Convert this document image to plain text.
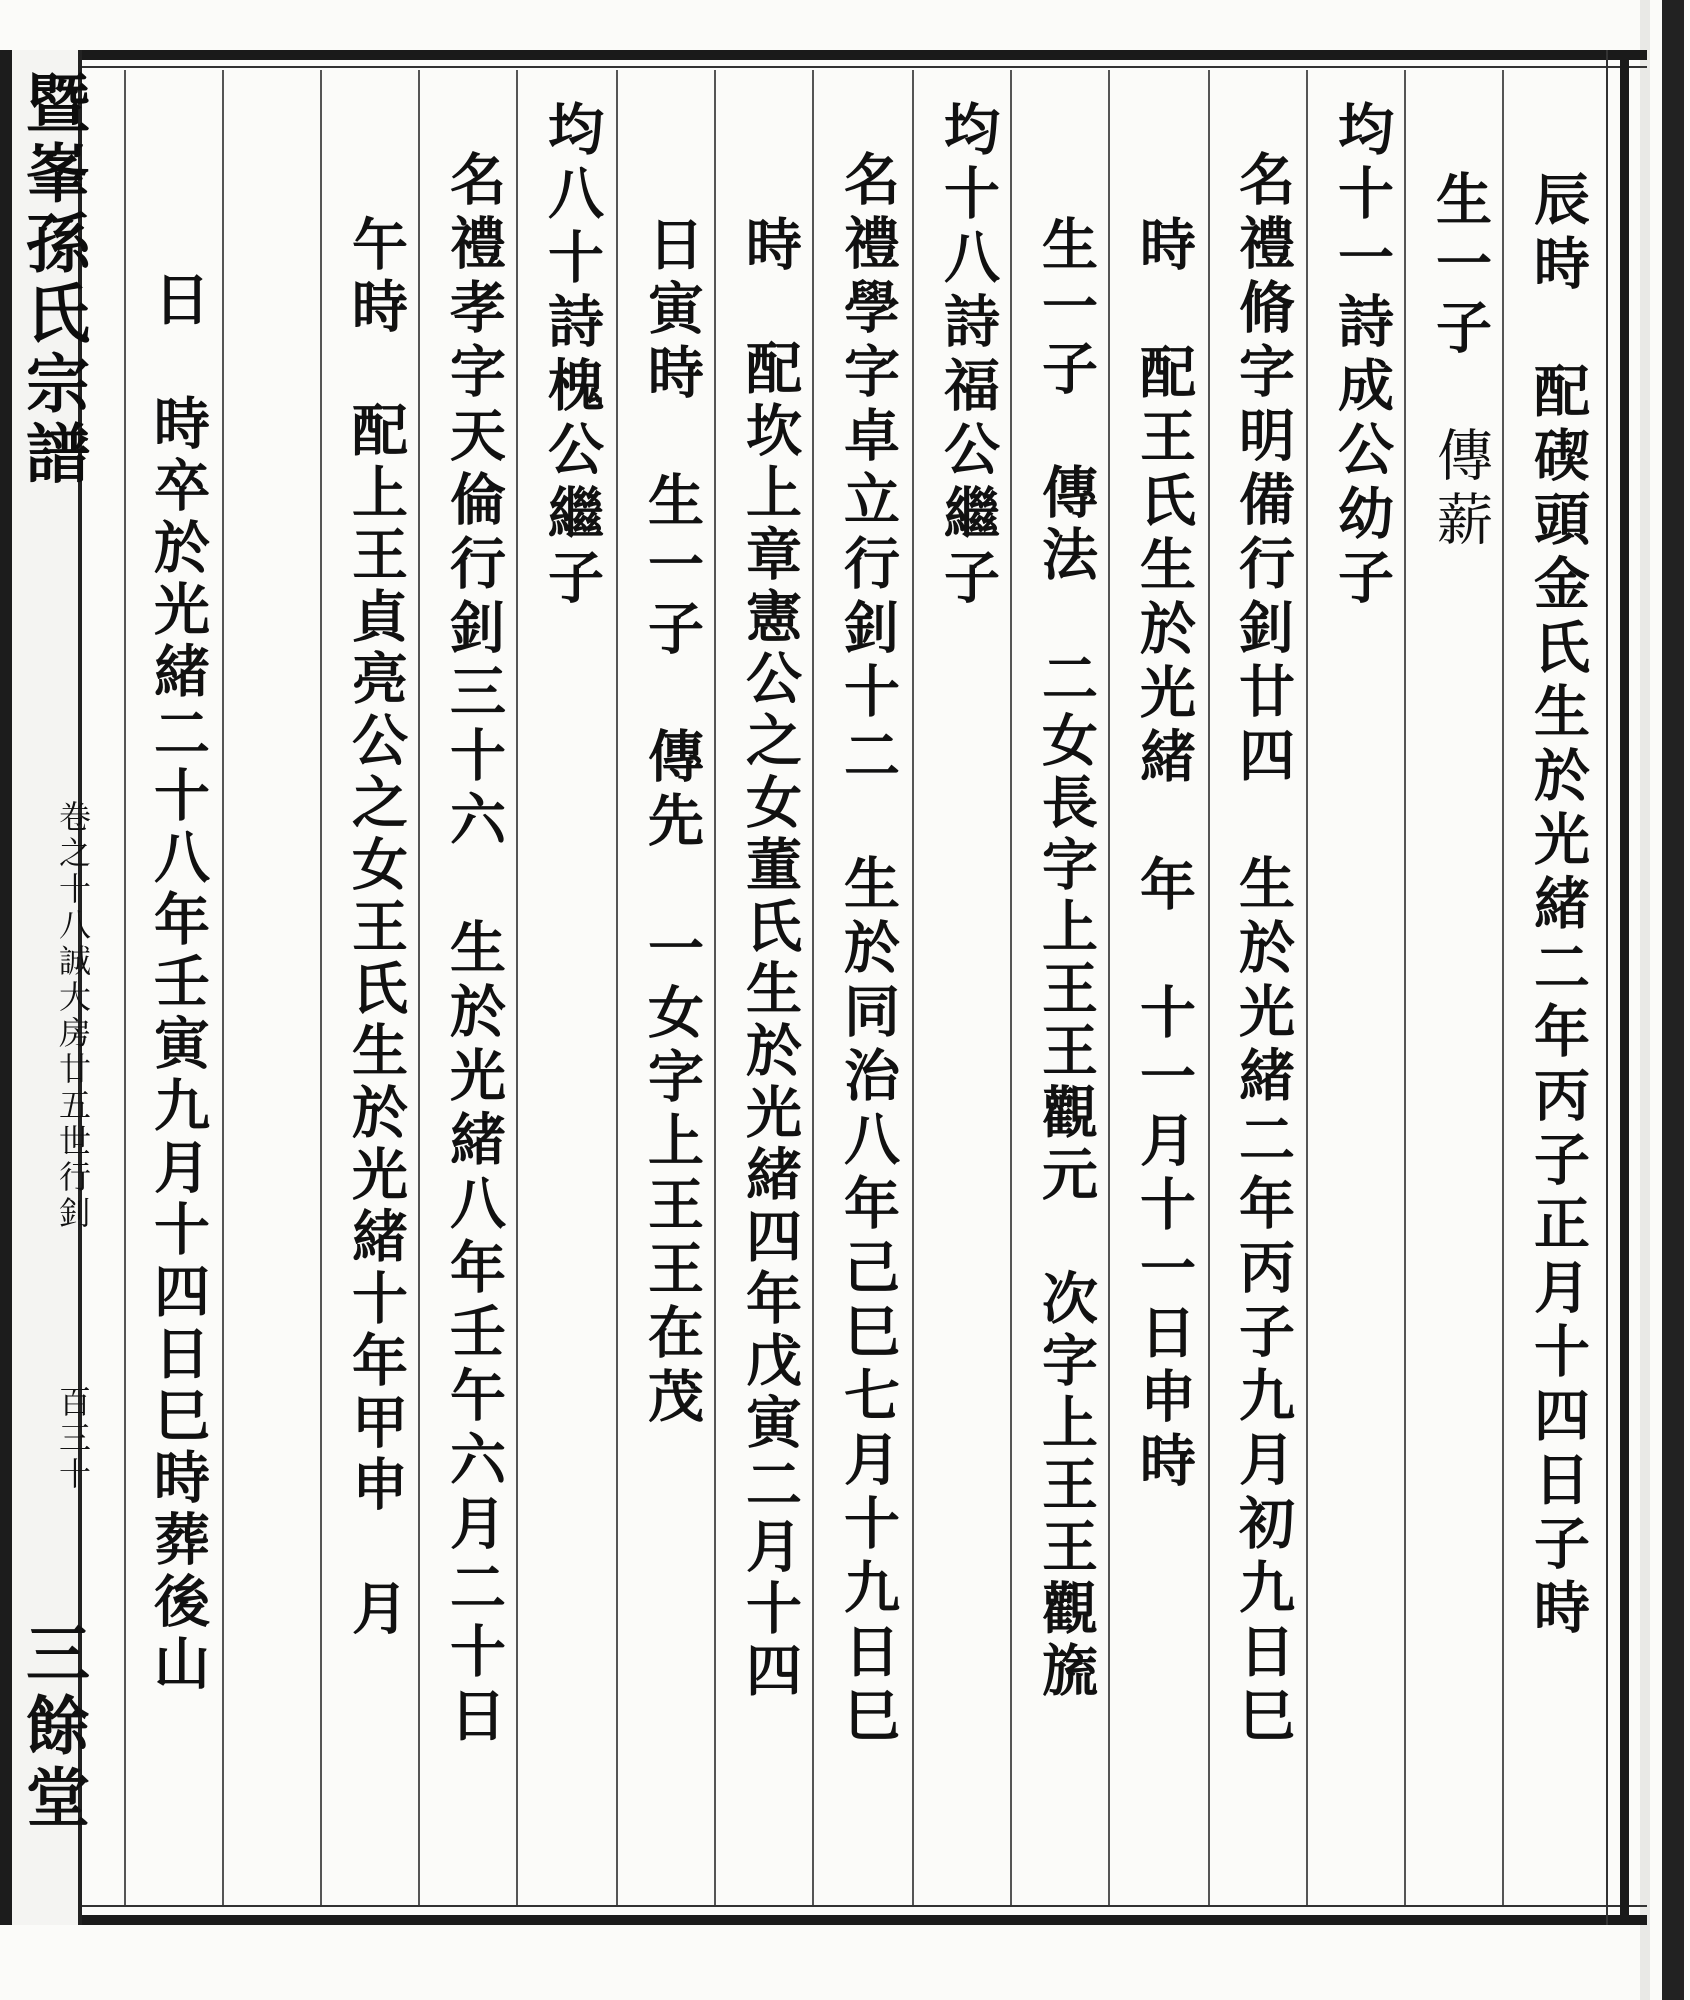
暨峯孫氏宗譜
卷之十八誠大房廿五世行釗
百三十
三餘堂
辰時　配碶頭金氏生於光緒二年丙子正月十四日子時
生一子　傳薪
均十一詩成公幼子
名禮脩字明備行釗廿四　生於光緒二年丙子九月初九日巳
時　配王氏生於光緒　年　十一月十一日申時
生一子　傳法　二女長字上王王觀元　次字上王王觀旒
均十八詩福公繼子
名禮學字卓立行釗十二　生於同治八年己巳七月十九日巳
時　配坎上章憲公之女董氏生於光緒四年戊寅二月十四
日寅時　生一子　傳先　一女字上王王在茂
均八十詩槐公繼子
名禮孝字天倫行釗三十六　生於光緒八年壬午六月二十日
午時　配上王貞亮公之女王氏生於光緒十年甲申　月
日　時卒於光緒二十八年壬寅九月十四日巳時葬後山
